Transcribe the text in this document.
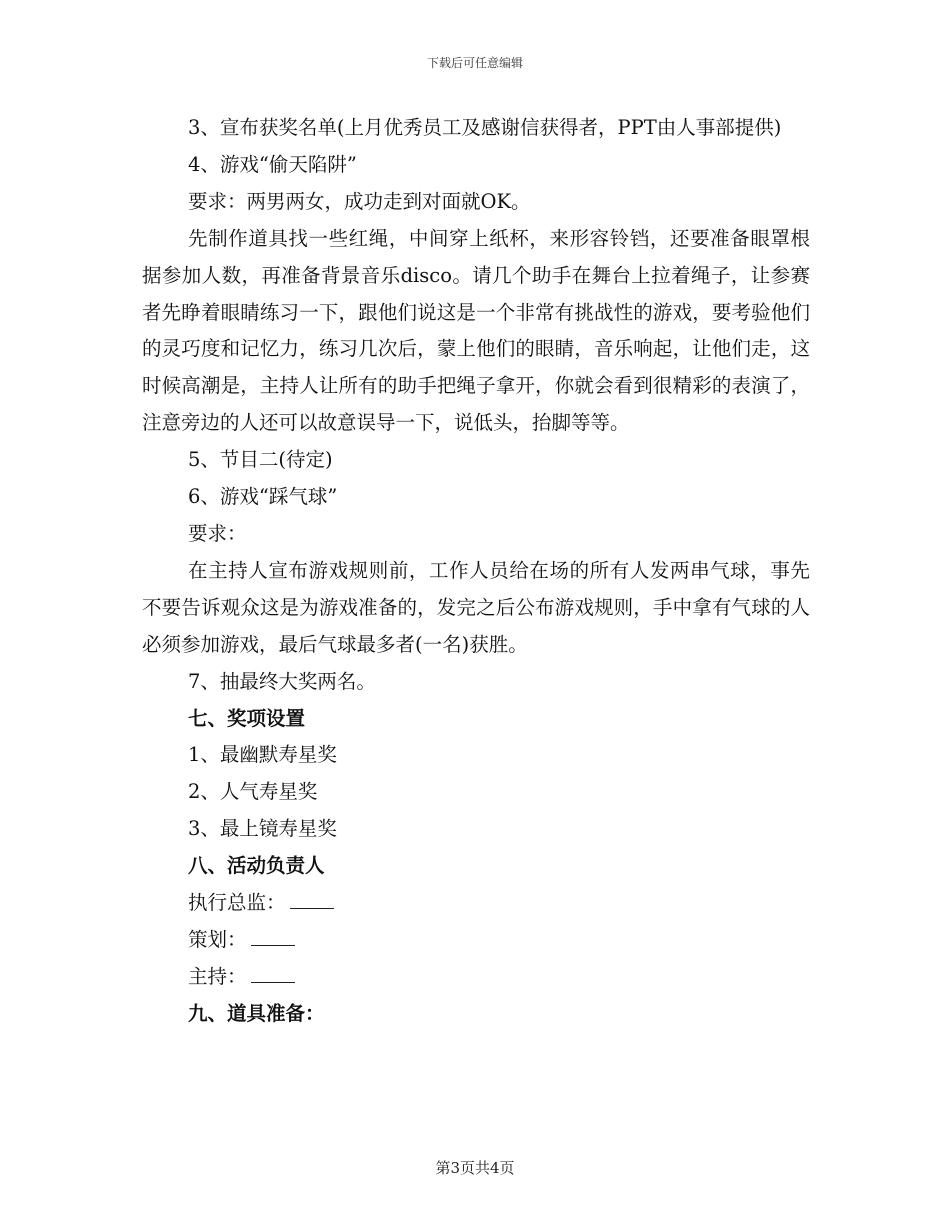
下载后可任意编辑
3、宣布获奖名单(上月优秀员工及感谢信获得者，PPT由人事部提供)
4、游戏“偷天陷阱”
要求：两男两女，成功走到对面就OK。
先制作道具找一些红绳，中间穿上纸杯，来形容铃铛，还要准备眼罩根据参加人数，再准备背景音乐disco。请几个助手在舞台上拉着绳子，让参赛者先睁着眼睛练习一下，跟他们说这是一个非常有挑战性的游戏，要考验他们的灵巧度和记忆力，练习几次后，蒙上他们的眼睛，音乐响起，让他们走，这时候高潮是，主持人让所有的助手把绳子拿开，你就会看到很精彩的表演了，注意旁边的人还可以故意误导一下，说低头，抬脚等等。
5、节目二(待定)
6、游戏“踩气球”
要求：
在主持人宣布游戏规则前，工作人员给在场的所有人发两串气球，事先不要告诉观众这是为游戏准备的，发完之后公布游戏规则，手中拿有气球的人必须参加游戏，最后气球最多者(一名)获胜。
7、抽最终大奖两名。
七、奖项设置
1、最幽默寿星奖
2、人气寿星奖
3、最上镜寿星奖
八、活动负责人
执行总监：
策划：
主持：
九、道具准备：
第3页共4页
